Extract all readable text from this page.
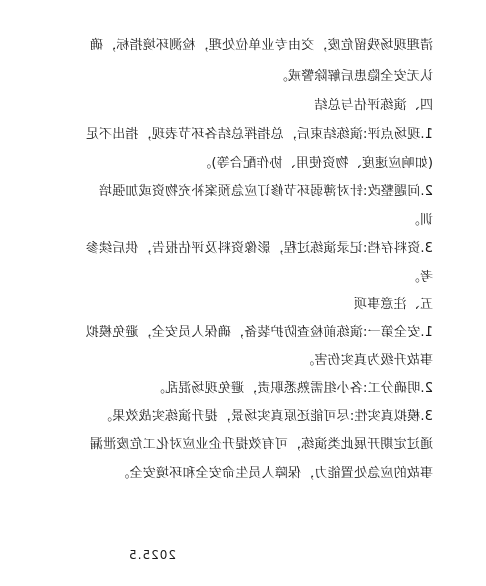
清理现场残留危废，交由专业单位处理，检测环境指标，确

认无安全隐患后解除警戒。

四、演练评估与总结

1.现场点评:演练结束后，总指挥总结各环节表现，指出不足

(如响应速度、物资使用、协作配合等)。

2.问题整改:针对薄弱环节修订应急预案补充物资或加强培

训。

3.资料存档:记录演练过程，影像资料及评估报告，供后续参

考。

五、注意事项

1.安全第一:演练前检查防护装备，确保人员安全，避免模拟

事故升级为真实伤害。

2.明确分工:各小组需熟悉职责，避免现场混乱。

3.模拟真实性:尽可能还原真实场景，提升演练实战效果。

通过定期开展此类演练，可有效提升企业应对化工危废泄漏

事故的应急处置能力，保障人员生命安全和环境安全。

2025.5
